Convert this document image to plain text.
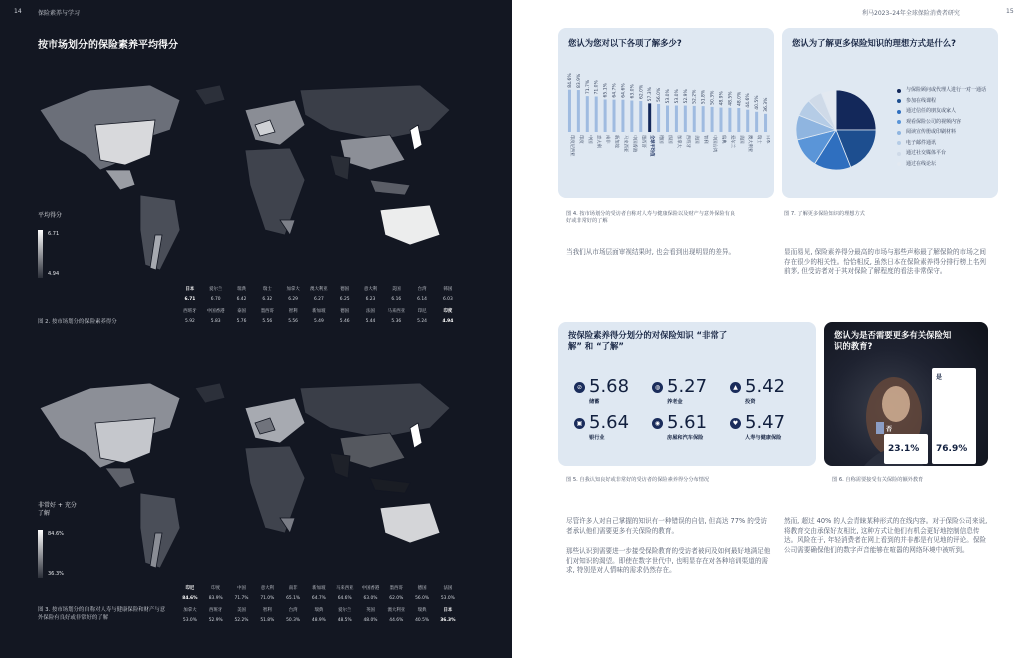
14	保险素养与学习
按市场划分的保险素养平均得分
平均得分
6.71
4.94
日本	爱尔兰	瑞典	瑞士	加拿大	澳大利亚	德国	意大利	美国	台湾	韩国
6.71	6.70	6.42	6.32	6.29	6.27	6.25	6.23	6.16	6.14	6.03
西班牙	中国香港	泰国	墨西哥	智利	新加坡	德国	法国	马来西亚	印尼	印度
5.92	5.83	5.76	5.56	5.56	5.49	5.46	5.44	5.36	5.24	4.94
图 2. 按市场划分的保险素养得分
非常好 + 充分了解
84.6%
36.3%
印尼	印度	中国	意大利	南非	新加坡	马来西亚	中国香港	墨西哥	德国	法国
84.6%	83.9%	71.7%	71.0%	65.1%	64.7%	64.6%	63.0%	62.0%	56.0%	53.0%
加拿大	西班牙	美国	智利	台湾	瑞典	爱尔兰	英国	澳大利亚	瑞典	日本
53.0%	52.9%	52.2%	51.8%	50.3%	48.9%	48.5%	48.0%	44.6%	40.5%	36.3%
图 3. 按市场划分的自称对人寿与健康保险和财产与意外保险有良好或非常好的了解
利马2023–24年全球保险消费者研究	15
您认为您对以下各项了解多少?
84.6%
印度尼西亚
83.9%
印度
71.7%
中国
71.0%
意大利
65.1%
南非
64.7%
新加坡
64.6%
马来西亚
63.0%
中国香港
62.0%
墨西哥
57.3%
全球平均值
56.0%
德国
53.0%
法国
53.0%
加拿大
52.9%
西班牙
52.2%
美国
51.8%
智利
50.3%
中国台湾
48.9%
瑞典
48.5%
爱尔兰
48.0%
英国
44.6%
澳大利亚
40.5%
瑞士
36.3%
日本
图 4. 按市场划分的受访者自称对人寿与健康保险以及财产与意外保险有良好或非常好的了解
您认为了解更多保险知识的理想方式是什么?
与保险顾问或代理人进行一对一通话
参加在线课程
通过信任的朋友或家人
观看保险公司的视频内容
阅读宣传册或印刷材料
电子邮件通讯
通过社交媒体平台
通过在线论坛
图 7. 了解更多保险知识的理想方式
当我们从市场层面审视结果时, 也会看到出现明显的差异。	显而易见, 保险素养得分最高的市场与那些声称最了解保险的市场之间存在很少的相关性。恰恰相反, 虽然日本在保险素养得分排行榜上名列前茅, 但受访者对于其对保险了解程度的看法非常保守。
按保险素养得分划分的对保险知识 “非常了解” 和 “了解”
⊘ 5.68
储蓄
◍ 5.27
养老金
▲ 5.42
投资
▣ 5.64
银行业
◉ 5.61
房屋和汽车保险
♥ 5.47
人寿与健康保险
图 5. 自我认知良好或非常好的受访者的保险素养得分分布情况
您认为是否需要更多有关保险知识的教育?
是
76.9%
否
23.1%
图 6. 自称需要接受有关保险的额外教育
尽管许多人对自己掌握的知识有一种错误的自信, 但高达 77% 的受访者承认他们需要更多有关保险的教育。
那些认识到需要进一步接受保险教育的受访者被问及如何最好地满足他们对知识的渴望。即使在数字世代中, 也明显存在对各种培训渠道的需求, 特别是对人情味的需求仍然存在。
然而, 超过 40% 的人会青睐某种形式的在线内容。对于保险公司来说, 将教育交由承保好友相比, 这种方式让他们有机会更好地控制信息传达。风险在于, 年轻消费者在网上看到的并非都是有见地的评论。保险公司需要确保他们的数字声音能够在喧嚣的网络环境中被听到。
